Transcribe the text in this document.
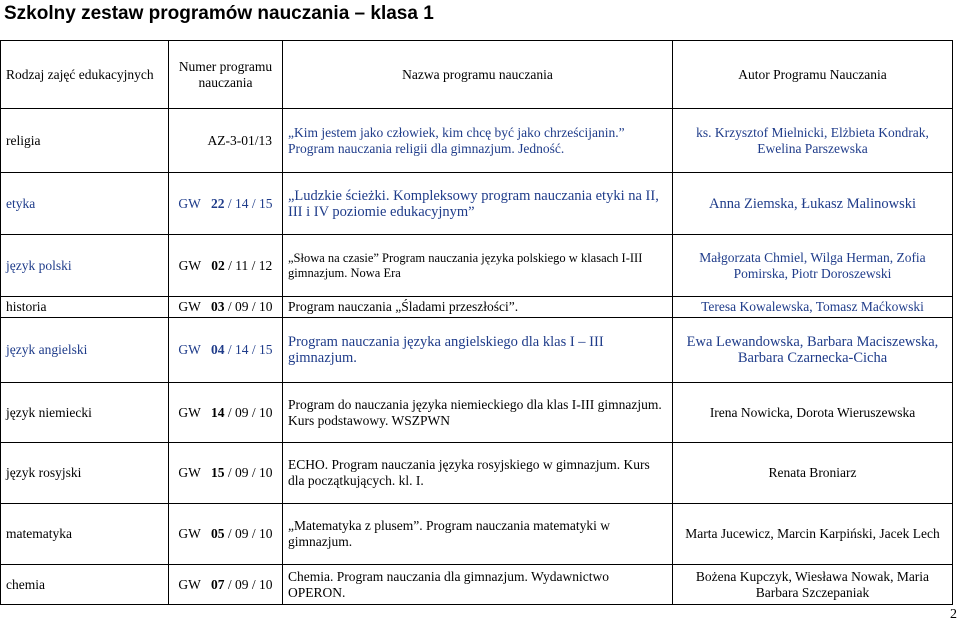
Szkolny zestaw programów nauczania – klasa 1
Rodzaj zajęć edukacyjnych	Numer programu nauczania	Nazwa programu nauczania	Autor Programu Nauczania
religia	AZ-3-01/13	„Kim jestem jako człowiek, kim chcę być jako chrześcijanin.” Program nauczania religii dla gimnazjum. Jedność.	ks. Krzysztof Mielnicki, Elżbieta Kondrak, Ewelina Parszewska
etyka	GW 22 / 14 / 15	„Ludzkie ścieżki. Kompleksowy program nauczania etyki na II, III i IV poziomie edukacyjnym”	Anna Ziemska, Łukasz Malinowski
język polski	GW 02 / 11 / 12	„Słowa na czasie” Program nauczania języka polskiego w klasach I-III gimnazjum. Nowa Era	Małgorzata Chmiel, Wilga Herman, Zofia Pomirska, Piotr Doroszewski
historia	GW 03 / 09 / 10	Program nauczania „Śladami przeszłości”.	Teresa Kowalewska, Tomasz Maćkowski
język angielski	GW 04 / 14 / 15	Program nauczania języka angielskiego dla klas I – III gimnazjum.	Ewa Lewandowska, Barbara Maciszewska, Barbara Czarnecka-Cicha
język niemiecki	GW 14 / 09 / 10	Program do nauczania języka niemieckiego dla klas I-III gimnazjum. Kurs podstawowy. WSZPWN	Irena Nowicka, Dorota Wieruszewska
język rosyjski	GW 15 / 09 / 10	ECHO. Program nauczania języka rosyjskiego w gimnazjum. Kurs dla początkujących. kl. I.	Renata Broniarz
matematyka	GW 05 / 09 / 10	„Matematyka z plusem”. Program nauczania matematyki w gimnazjum.	Marta Jucewicz, Marcin Karpiński, Jacek Lech
chemia	GW 07 / 09 / 10	Chemia. Program nauczania dla gimnazjum. Wydawnictwo OPERON.	Bożena Kupczyk, Wiesława Nowak, Maria Barbara Szczepaniak
2
